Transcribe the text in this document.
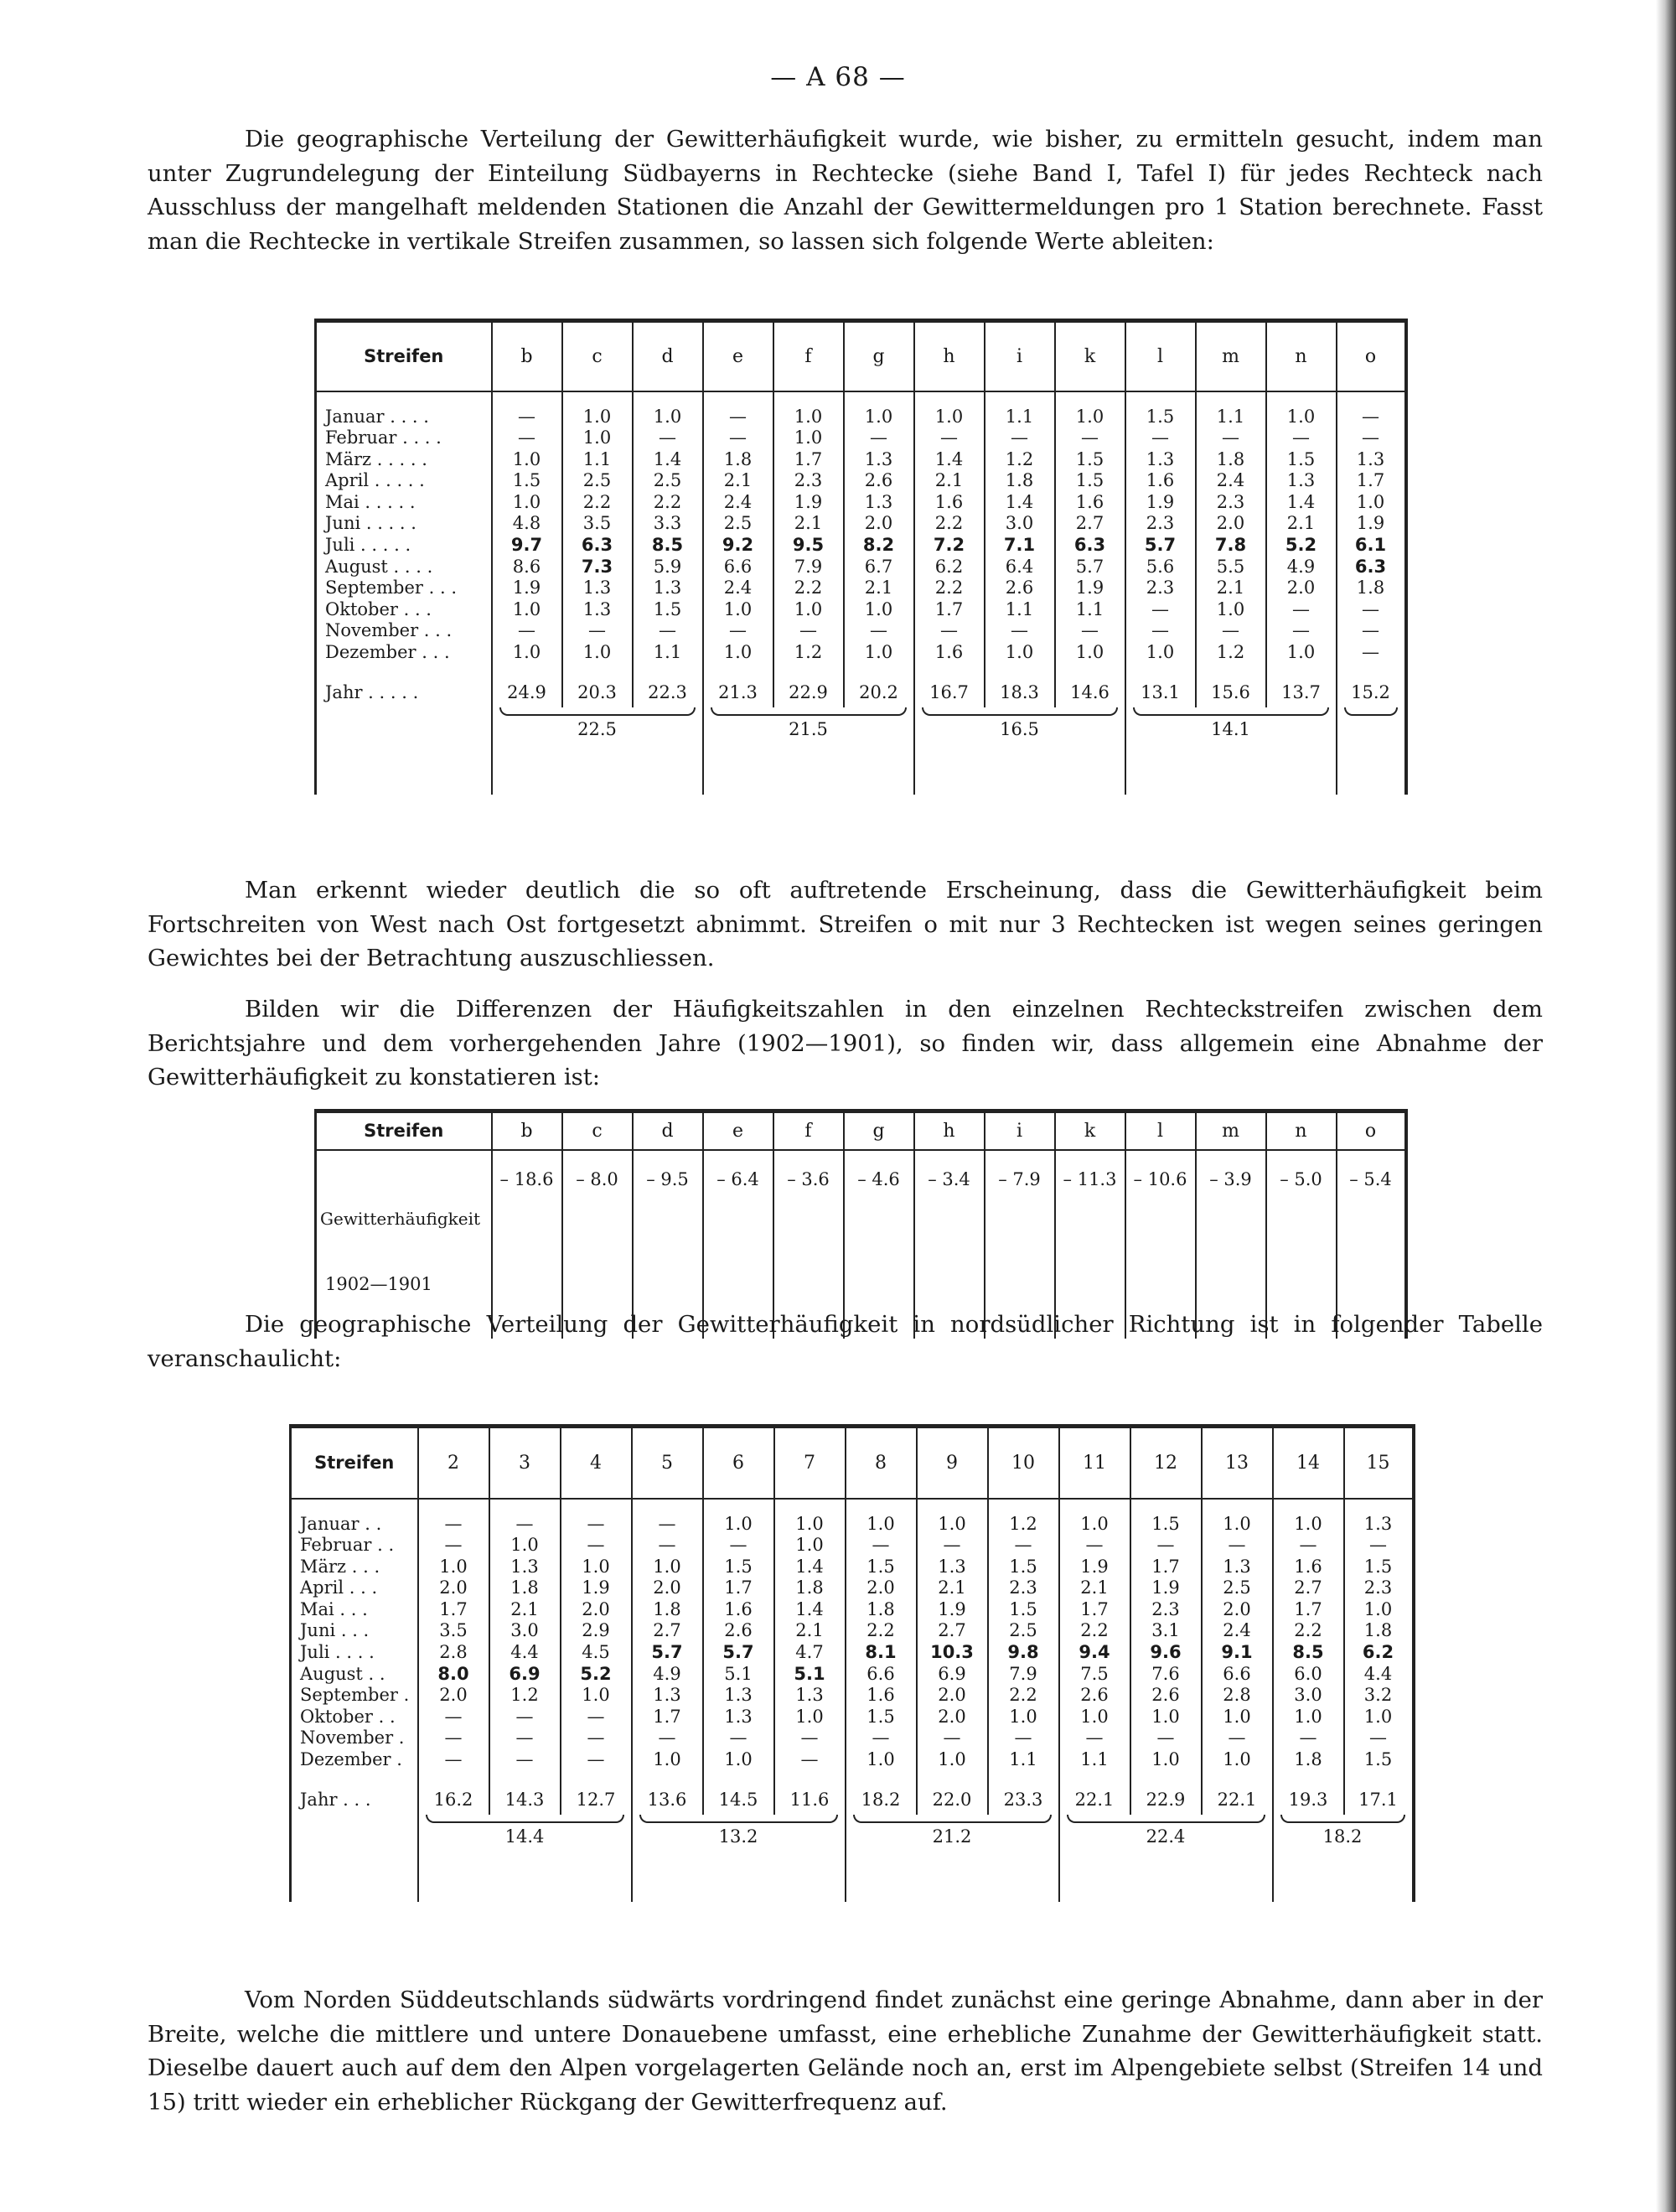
— A 68 —

Die geographische Verteilung der Gewitterhäufigkeit wurde, wie bisher, zu ermitteln gesucht, indem man unter Zugrundelegung der Einteilung Südbayerns in Rechtecke (siehe Band I, Tafel I) für jedes Rechteck nach Ausschluss der mangelhaft meldenden Stationen die Anzahl der Gewittermeldungen pro 1 Station berechnete. Fasst man die Rechtecke in vertikale Streifen zusammen, so lassen sich folgende Werte ableiten:

Streifen	b	c	d	e	f	g	h	i	k	l	m	n	o

Januar . . . .	—	1.0	1.0	—	1.0	1.0	1.0	1.1	1.0	1.5	1.1	1.0	—
Februar . . . .	—	1.0	—	—	1.0	—	—	—	—	—	—	—	—
März . . . . .	1.0	1.1	1.4	1.8	1.7	1.3	1.4	1.2	1.5	1.3	1.8	1.5	1.3
April . . . . .	1.5	2.5	2.5	2.1	2.3	2.6	2.1	1.8	1.5	1.6	2.4	1.3	1.7
Mai . . . . .	1.0	2.2	2.2	2.4	1.9	1.3	1.6	1.4	1.6	1.9	2.3	1.4	1.0
Juni . . . . .	4.8	3.5	3.3	2.5	2.1	2.0	2.2	3.0	2.7	2.3	2.0	2.1	1.9
Juli . . . . .	9.7	6.3	8.5	9.2	9.5	8.2	7.2	7.1	6.3	5.7	7.8	5.2	6.1
August . . . .	8.6	7.3	5.9	6.6	7.9	6.7	6.2	6.4	5.7	5.6	5.5	4.9	6.3
September . . .	1.9	1.3	1.3	2.4	2.2	2.1	2.2	2.6	1.9	2.3	2.1	2.0	1.8
Oktober . . .	1.0	1.3	1.5	1.0	1.0	1.0	1.7	1.1	1.1	—	1.0	—	—
November . . .	—	—	—	—	—	—	—	—	—	—	—	—	—
Dezember . . .	1.0	1.0	1.1	1.0	1.2	1.0	1.6	1.0	1.0	1.0	1.2	1.0	—

Jahr . . . . .	24.9	20.3	22.3	21.3	22.9	20.2	16.7	18.3	14.6	13.1	15.6	13.7	15.2

	22.5			21.5			16.5			14.1			

Man erkennt wieder deutlich die so oft auftretende Erscheinung, dass die Gewitterhäufigkeit beim Fortschreiten von West nach Ost fortgesetzt abnimmt. Streifen o mit nur 3 Rechtecken ist wegen seines geringen Gewichtes bei der Betrachtung auszuschliessen.

Bilden wir die Differenzen der Häufigkeitszahlen in den einzelnen Rechteckstreifen zwischen dem Berichtsjahre und dem vorhergehenden Jahre (1902—1901), so finden wir, dass allgemein eine Abnahme der Gewitterhäufigkeit zu konstatieren ist:

Streifen	b	c	d	e	f	g	h	i	k	l	m	n	o

Gewitterhäufigkeit

1902—1901	– 18.6	– 8.0	– 9.5	– 6.4	– 3.6	– 4.6	– 3.4	– 7.9	– 11.3	– 10.6	– 3.9	– 5.0	– 5.4

Die geographische Verteilung der Gewitterhäufigkeit in nordsüdlicher Richtung ist in folgender Tabelle veranschaulicht:

Streifen	2	3	4	5	6	7	8	9	10	11	12	13	14	15

Januar . .	—	—	—	—	1.0	1.0	1.0	1.0	1.2	1.0	1.5	1.0	1.0	1.3
Februar . .	—	1.0	—	—	—	1.0	—	—	—	—	—	—	—	—
März . . .	1.0	1.3	1.0	1.0	1.5	1.4	1.5	1.3	1.5	1.9	1.7	1.3	1.6	1.5
April . . .	2.0	1.8	1.9	2.0	1.7	1.8	2.0	2.1	2.3	2.1	1.9	2.5	2.7	2.3
Mai . . .	1.7	2.1	2.0	1.8	1.6	1.4	1.8	1.9	1.5	1.7	2.3	2.0	1.7	1.0
Juni . . .	3.5	3.0	2.9	2.7	2.6	2.1	2.2	2.7	2.5	2.2	3.1	2.4	2.2	1.8
Juli . . . .	2.8	4.4	4.5	5.7	5.7	4.7	8.1	10.3	9.8	9.4	9.6	9.1	8.5	6.2
August . .	8.0	6.9	5.2	4.9	5.1	5.1	6.6	6.9	7.9	7.5	7.6	6.6	6.0	4.4
September .	2.0	1.2	1.0	1.3	1.3	1.3	1.6	2.0	2.2	2.6	2.6	2.8	3.0	3.2
Oktober . .	—	—	—	1.7	1.3	1.0	1.5	2.0	1.0	1.0	1.0	1.0	1.0	1.0
November .	—	—	—	—	—	—	—	—	—	—	—	—	—	—
Dezember .	—	—	—	1.0	1.0	—	1.0	1.0	1.1	1.1	1.0	1.0	1.8	1.5

Jahr . . .	16.2	14.3	12.7	13.6	14.5	11.6	18.2	22.0	23.3	22.1	22.9	22.1	19.3	17.1

	14.4			13.2			21.2			22.4			18.2	

Vom Norden Süddeutschlands südwärts vordringend findet zunächst eine geringe Abnahme, dann aber in der Breite, welche die mittlere und untere Donauebene umfasst, eine erhebliche Zunahme der Gewitterhäufigkeit statt. Dieselbe dauert auch auf dem den Alpen vorgelagerten Gelände noch an, erst im Alpengebiete selbst (Streifen 14 und 15) tritt wieder ein erheblicher Rückgang der Gewitterfrequenz auf.
